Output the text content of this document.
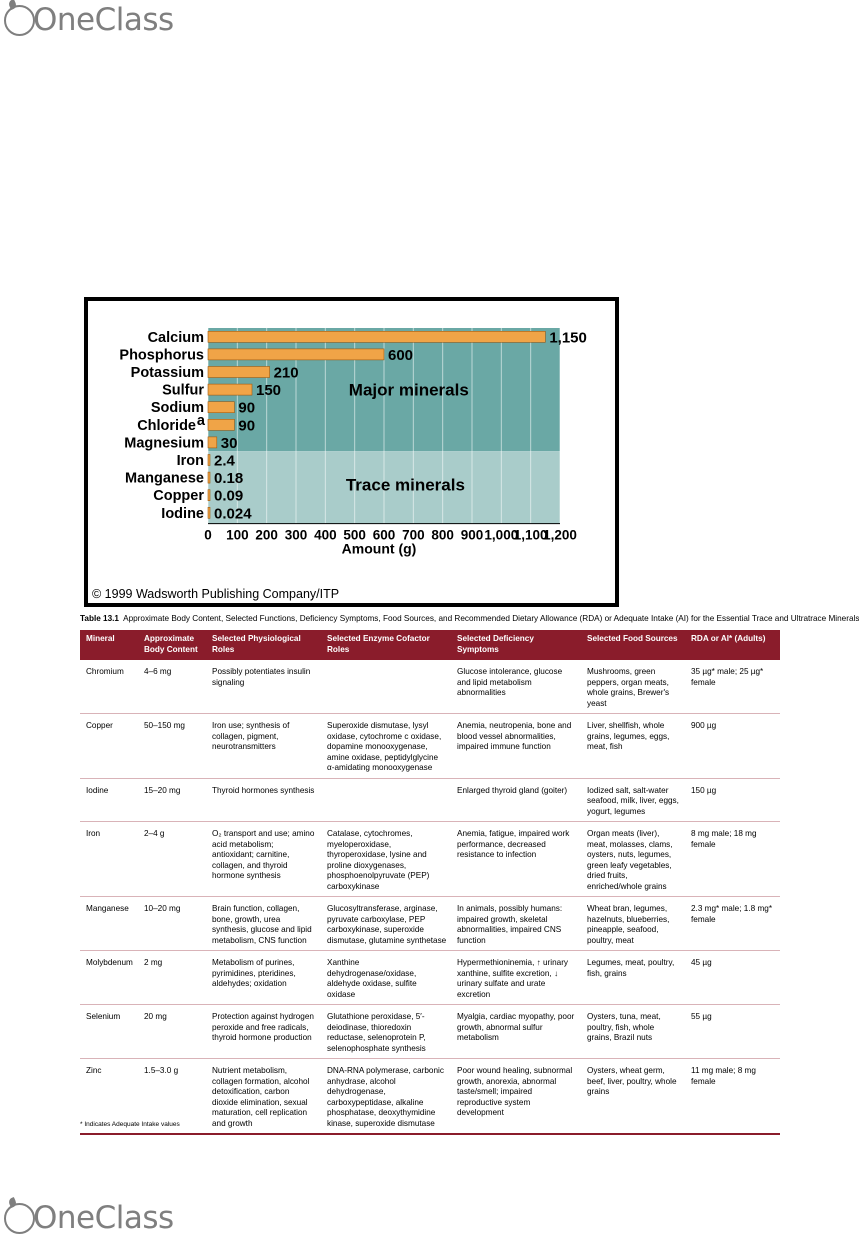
OneClass
Calcium	1,150
Phosphorus	600
Potassium	210
Sulfur	150
Sodium 90
Chloride a 90
Magnesium 30
Iron 2.4
Manganese 0.18
Copper 0.09
Iodine 0.024
Major minerals
Trace minerals
0 100 200 300 400 500 600 700 800 900 1,000
1,100
1,200
Amount (g)
© 1999 Wadsworth Publishing Company/ITP
Table 13.1 Approximate Body Content, Selected Functions, Deficiency Symptoms, Food Sources, and Recommended Dietary Allowance (RDA) or Adequate Intake (AI) for the Essential Trace and Ultratrace Minerals
Mineral	Approximate Body Content	Selected Physiological Roles	Selected Enzyme Cofactor Roles	Selected Deficiency Symptoms	Selected Food Sources	RDA or AI* (Adults)
Chromium	4–6 mg	Possibly potentiates insulin signaling		Glucose intolerance, glucose and lipid metabolism abnormalities	Mushrooms, green peppers, organ meats, whole grains, Brewer's yeast	35 µg* male; 25 µg* female
Copper	50–150 mg	Iron use; synthesis of collagen, pigment, neurotransmitters	Superoxide dismutase, lysyl oxidase, cytochrome c oxidase, dopamine monooxygenase, amine oxidase, peptidylglycine α-amidating monooxygenase	Anemia, neutropenia, bone and blood vessel abnormalities, impaired immune function	Liver, shellfish, whole grains, legumes, eggs, meat, fish	900 µg
Iodine	15–20 mg	Thyroid hormones synthesis		Enlarged thyroid gland (goiter)	Iodized salt, salt-water seafood, milk, liver, eggs, yogurt, legumes	150 µg
Iron	2–4 g	O₂ transport and use; amino acid metabolism; antioxidant; carnitine, collagen, and thyroid hormone synthesis	Catalase, cytochromes, myeloperoxidase, thyroperoxidase, lysine and proline dioxygenases, phosphoenolpyruvate (PEP) carboxykinase	Anemia, fatigue, impaired work performance, decreased resistance to infection	Organ meats (liver), meat, molasses, clams, oysters, nuts, legumes, green leafy vegetables, dried fruits, enriched/whole grains	8 mg male; 18 mg female
Manganese	10–20 mg	Brain function, collagen, bone, growth, urea synthesis, glucose and lipid metabolism, CNS function	Glucosyltransferase, arginase, pyruvate carboxylase, PEP carboxykinase, superoxide dismutase, glutamine synthetase	In animals, possibly humans: impaired growth, skeletal abnormalities, impaired CNS function	Wheat bran, legumes, hazelnuts, blueberries, pineapple, seafood, poultry, meat	2.3 mg* male; 1.8 mg* female
Molybdenum	2 mg	Metabolism of purines, pyrimidines, pteridines, aldehydes; oxidation	Xanthine dehydrogenase/oxidase, aldehyde oxidase, sulfite oxidase	Hypermethioninemia, ↑ urinary xanthine, sulfite excretion, ↓ urinary sulfate and urate excretion	Legumes, meat, poultry, fish, grains	45 µg
Selenium	20 mg	Protection against hydrogen peroxide and free radicals, thyroid hormone production	Glutathione peroxidase, 5′-deiodinase, thioredoxin reductase, selenoprotein P, selenophosphate synthesis	Myalgia, cardiac myopathy, poor growth, abnormal sulfur metabolism	Oysters, tuna, meat, poultry, fish, whole grains, Brazil nuts	55 µg
Zinc	1.5–3.0 g	Nutrient metabolism, collagen formation, alcohol detoxification, carbon dioxide elimination, sexual maturation, cell replication and growth	DNA-RNA polymerase, carbonic anhydrase, alcohol dehydrogenase, carboxypeptidase, alkaline phosphatase, deoxythymidine kinase, superoxide dismutase	Poor wound healing, subnormal growth, anorexia, abnormal taste/smell; impaired reproductive system development	Oysters, wheat germ, beef, liver, poultry, whole grains	11 mg male; 8 mg female
* Indicates Adequate Intake values
OneClass
